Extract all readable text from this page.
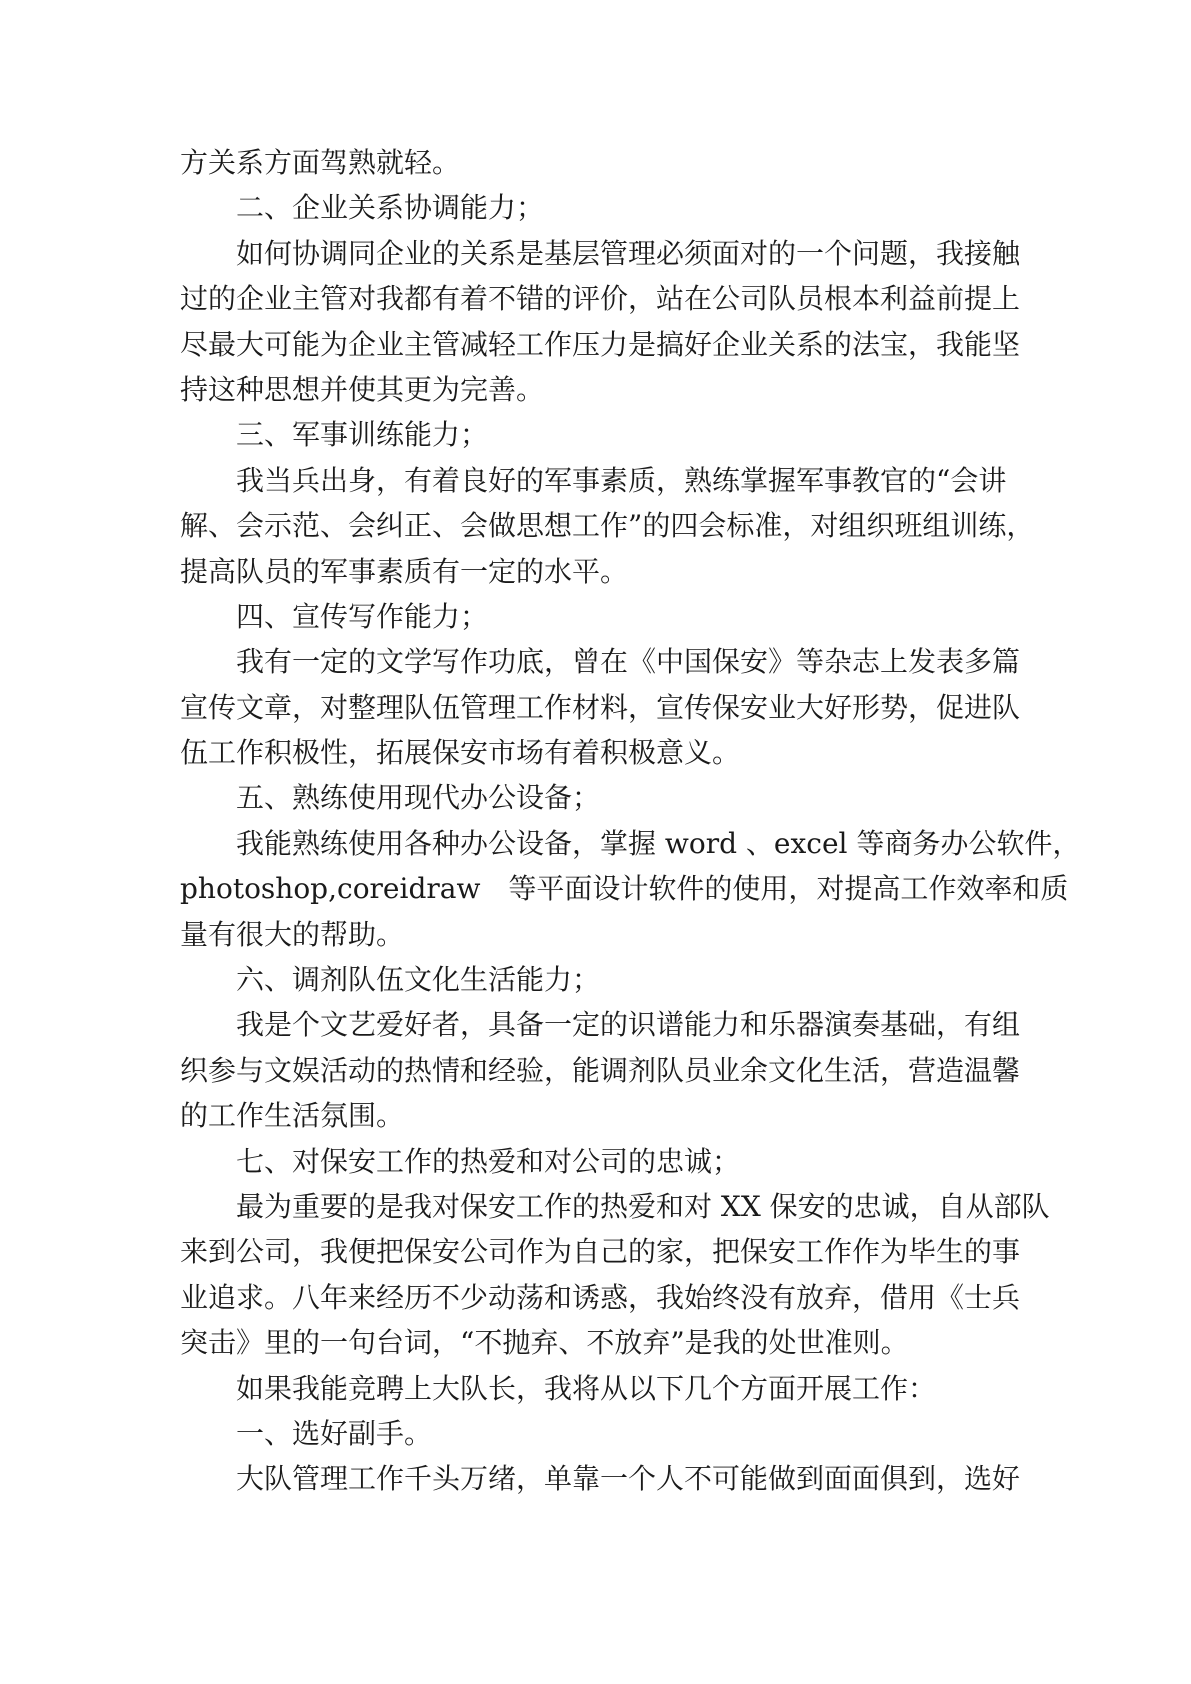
方关系方面驾熟就轻。
二、企业关系协调能力；
如何协调同企业的关系是基层管理必须面对的一个问题，我接触
过的企业主管对我都有着不错的评价，站在公司队员根本利益前提上
尽最大可能为企业主管减轻工作压力是搞好企业关系的法宝，我能坚
持这种思想并使其更为完善。
三、军事训练能力；
我当兵出身，有着良好的军事素质，熟练掌握军事教官的“会讲
解、会示范、会纠正、会做思想工作”的四会标准，对组织班组训练，
提高队员的军事素质有一定的水平。
四、宣传写作能力；
我有一定的文学写作功底，曾在《中国保安》等杂志上发表多篇
宣传文章，对整理队伍管理工作材料，宣传保安业大好形势，促进队
伍工作积极性，拓展保安市场有着积极意义。
五、熟练使用现代办公设备；
我能熟练使用各种办公设备，掌握 word 、excel 等商务办公软件，
photoshop,coreidraw　等平面设计软件的使用，对提高工作效率和质
量有很大的帮助。
六、调剂队伍文化生活能力；
我是个文艺爱好者，具备一定的识谱能力和乐器演奏基础，有组
织参与文娱活动的热情和经验，能调剂队员业余文化生活，营造温馨
的工作生活氛围。
七、对保安工作的热爱和对公司的忠诚；
最为重要的是我对保安工作的热爱和对 XX 保安的忠诚，自从部队
来到公司，我便把保安公司作为自己的家，把保安工作作为毕生的事
业追求。八年来经历不少动荡和诱惑，我始终没有放弃，借用《士兵
突击》里的一句台词，“不抛弃、不放弃”是我的处世准则。
如果我能竞聘上大队长，我将从以下几个方面开展工作：
一、选好副手。
大队管理工作千头万绪，单靠一个人不可能做到面面俱到，选好
